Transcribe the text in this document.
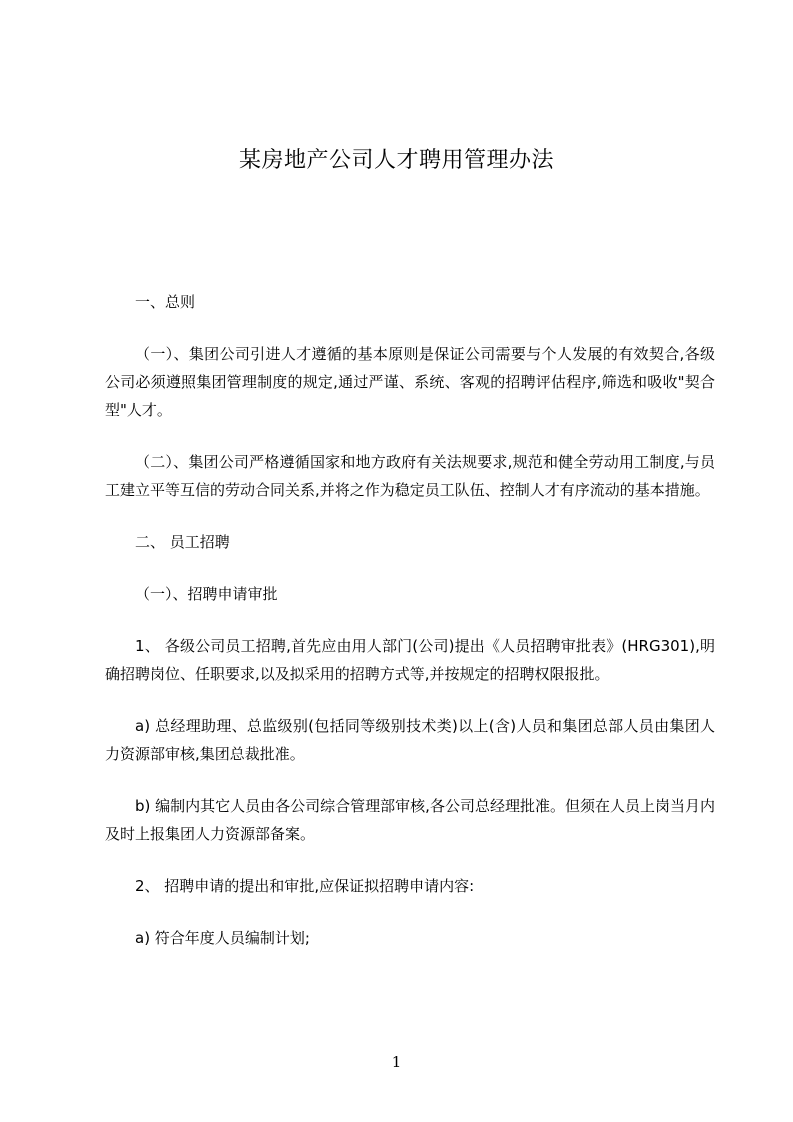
某房地产公司人才聘用管理办法

一、总则

（一）、集团公司引进人才遵循的基本原则是保证公司需要与个人发展的有效契合,各级公司必须遵照集团管理制度的规定,通过严谨、系统、客观的招聘评估程序,筛选和吸收"契合型"人才。

（二）、集团公司严格遵循国家和地方政府有关法规要求,规范和健全劳动用工制度,与员工建立平等互信的劳动合同关系,并将之作为稳定员工队伍、控制人才有序流动的基本措施。

二、 员工招聘

（一）、招聘申请审批

1、 各级公司员工招聘,首先应由用人部门(公司)提出《人员招聘审批表》(HRG301),明确招聘岗位、任职要求,以及拟采用的招聘方式等,并按规定的招聘权限报批。

a) 总经理助理、总监级别(包括同等级别技术类)以上(含)人员和集团总部人员由集团人力资源部审核,集团总裁批准。

b) 编制内其它人员由各公司综合管理部审核,各公司总经理批准。但须在人员上岗当月内及时上报集团人力资源部备案。

2、 招聘申请的提出和审批,应保证拟招聘申请内容:

a) 符合年度人员编制计划;

1
